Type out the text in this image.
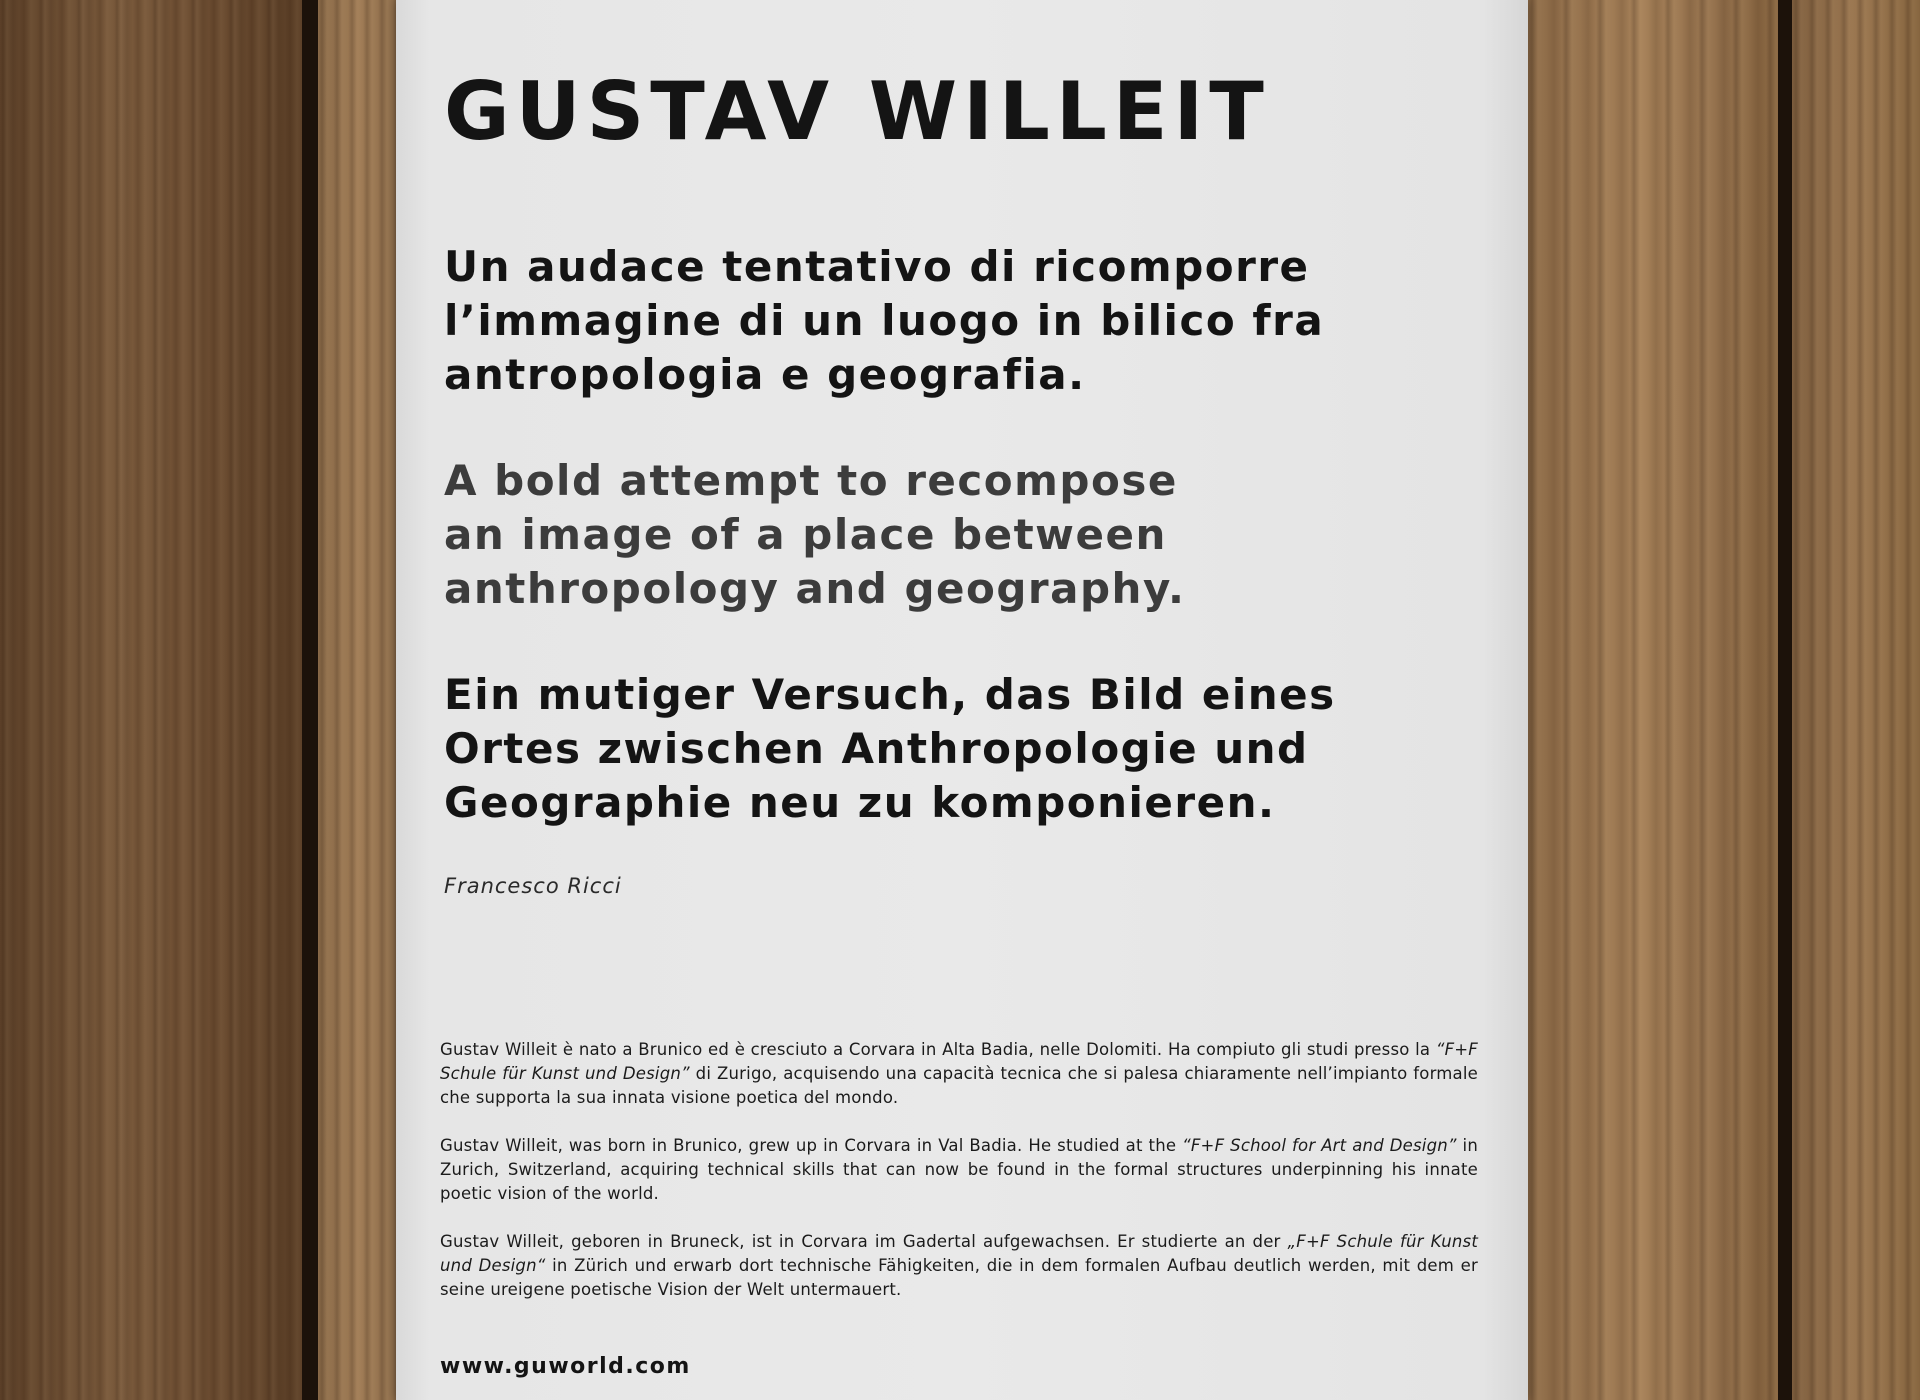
GUSTAV WILLEIT

Un audace tentativo di ricomporre
l’immagine di un luogo in bilico fra
antropologia e geografia.

A bold attempt to recompose
an image of a place between
anthropology and geography.

Ein mutiger Versuch, das Bild eines
Ortes zwischen Anthropologie und
Geographie neu zu komponieren.

Francesco Ricci

Gustav Willeit è nato a Brunico ed è cresciuto a Corvara in Alta Badia, nelle Dolomiti. Ha compiuto gli studi presso la “F+F Schule für Kunst und Design” di Zurigo, acquisendo una capacità tecnica che si palesa chiaramente nell’impianto formale che supporta la sua innata visione poetica del mondo.

Gustav Willeit, was born in Brunico, grew up in Corvara in Val Badia. He studied at the “F+F School for Art and Design” in Zurich, Switzerland, acquiring technical skills that can now be found in the formal structures underpinning his innate poetic vision of the world.

Gustav Willeit, geboren in Bruneck, ist in Corvara im Gadertal aufgewachsen. Er studierte an der „F+F Schule für Kunst und Design“ in Zürich und erwarb dort technische Fähigkeiten, die in dem formalen Aufbau deutlich werden, mit dem er seine ureigene poetische Vision der Welt untermauert.

www.guworld.com
